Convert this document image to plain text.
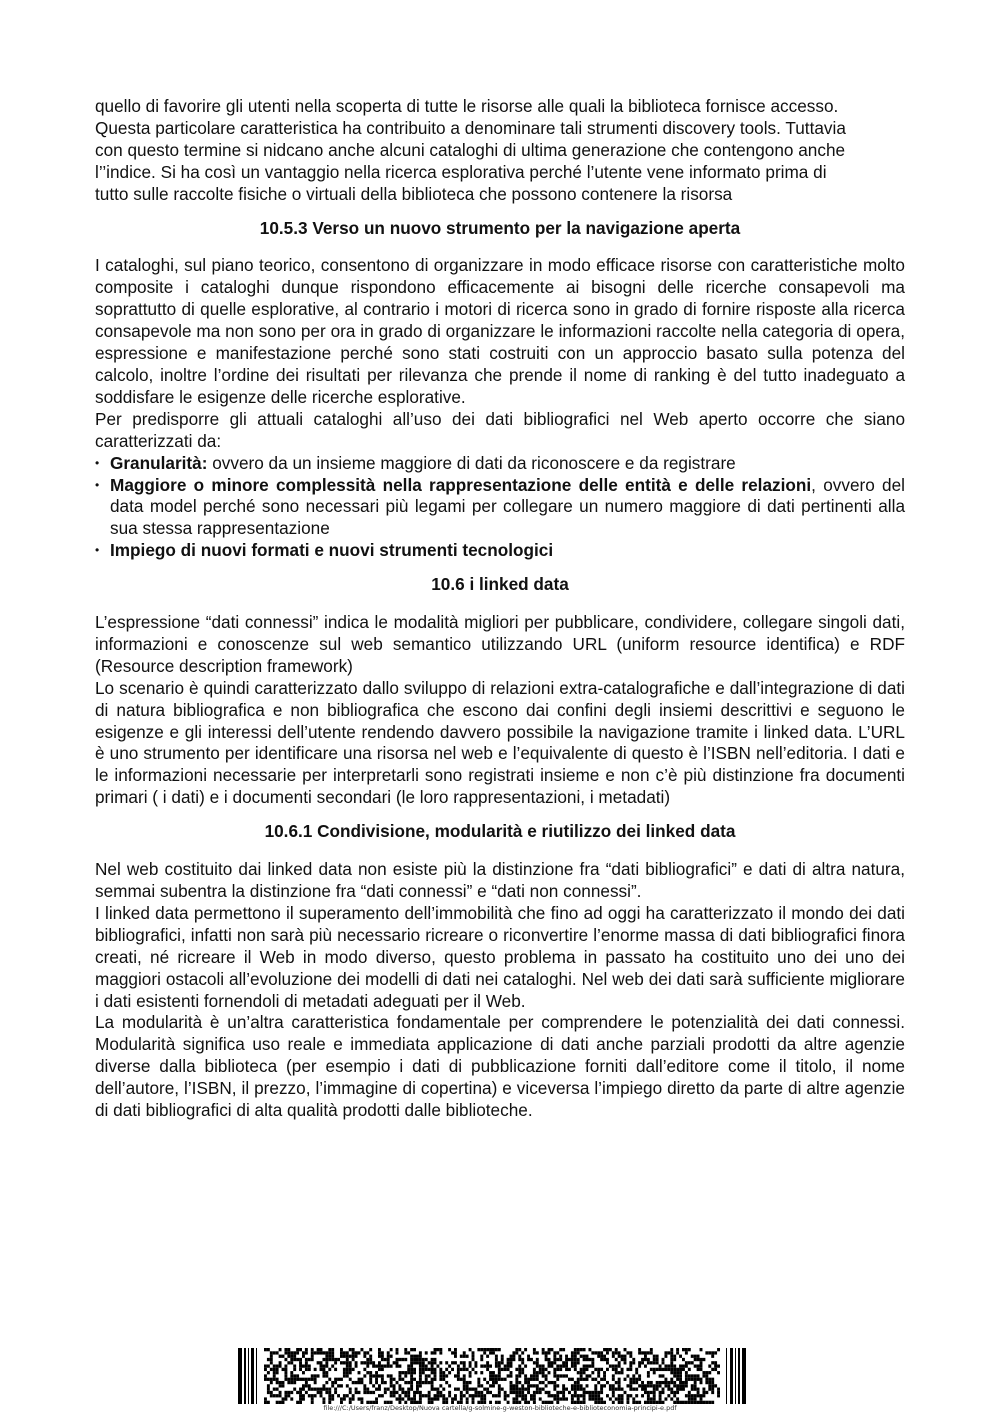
quello di favorire gli utenti nella scoperta di tutte le risorse alle quali la biblioteca fornisce accesso.
Questa particolare caratteristica ha contribuito a denominare tali strumenti discovery tools. Tuttavia
con questo termine si nidcano anche alcuni cataloghi di ultima generazione che contengono anche
l’’indice. Si ha così un vantaggio nella ricerca esplorativa perché l’utente vene informato prima di
tutto sulle raccolte fisiche o virtuali della biblioteca che possono contenere la risorsa

10.5.3 Verso un nuovo strumento per la navigazione aperta

I cataloghi, sul piano teorico, consentono di organizzare in modo efficace risorse con caratteristiche molto composite i cataloghi dunque rispondono efficacemente ai bisogni delle ricerche consapevoli ma soprattutto di quelle esplorative, al contrario i motori di ricerca sono in grado di fornire risposte alla ricerca consapevole ma non sono per ora in grado di organizzare le informazioni raccolte nella categoria di opera, espressione e manifestazione perché sono stati costruiti con un approccio basato sulla potenza del calcolo, inoltre l’ordine dei risultati per rilevanza che prende il nome di ranking è del tutto inadeguato a soddisfare le esigenze delle ricerche esplorative.

Per predisporre gli attuali cataloghi all’uso dei dati bibliografici nel Web aperto occorre che siano caratterizzati da:

• Granularità: ovvero da un insieme maggiore di dati da riconoscere e da registrare
• Maggiore o minore complessità nella rappresentazione delle entità e delle relazioni, ovvero del data model perché sono necessari più legami per collegare un numero maggiore di dati pertinenti alla sua stessa rappresentazione
• Impiego di nuovi formati e nuovi strumenti tecnologici
10.6 i linked data

L’espressione “dati connessi” indica le modalità migliori per pubblicare, condividere, collegare singoli dati, informazioni e conoscenze sul web semantico utilizzando URL (uniform resource identifica) e RDF (Resource description framework)

Lo scenario è quindi caratterizzato dallo sviluppo di relazioni extra-catalografiche e dall’integrazione di dati di natura bibliografica e non bibliografica che escono dai confini degli insiemi descrittivi e seguono le esigenze e gli interessi dell’utente rendendo davvero possibile la navigazione tramite i linked data. L’URL è uno strumento per identificare una risorsa nel web e l’equivalente di questo è l’ISBN nell’editoria. I dati e le informazioni necessarie per interpretarli sono registrati insieme e non c’è più distinzione fra documenti primari ( i dati) e i documenti secondari (le loro rappresentazioni, i metadati)

10.6.1 Condivisione, modularità e riutilizzo dei linked data

Nel web costituito dai linked data non esiste più la distinzione fra “dati bibliografici” e dati di altra natura, semmai subentra la distinzione fra “dati connessi” e “dati non connessi”.

I linked data permettono il superamento dell’immobilità che fino ad oggi ha caratterizzato il mondo dei dati bibliografici, infatti non sarà più necessario ricreare o riconvertire l’enorme massa di dati bibliografici finora creati, né ricreare il Web in modo diverso, questo problema in passato ha costituito uno dei uno dei maggiori ostacoli all’evoluzione dei modelli di dati nei cataloghi. Nel web dei dati sarà sufficiente migliorare i dati esistenti fornendoli di metadati adeguati per il Web.

La modularità è un’altra caratteristica fondamentale per comprendere le potenzialità dei dati connessi. Modularità significa uso reale e immediata applicazione di dati anche parziali prodotti da altre agenzie diverse dalla biblioteca (per esempio i dati di pubblicazione forniti dall’editore come il titolo, il nome dell’autore, l’ISBN, il prezzo, l’immagine di copertina) e viceversa l’impiego diretto da parte di altre agenzie di dati bibliografici di alta qualità prodotti dalle biblioteche.

file:///C:/Users/franz/Desktop/Nuova cartella/g-solmine-g-weston-biblioteche-e-biblioteconomia-principi-e.pdf
